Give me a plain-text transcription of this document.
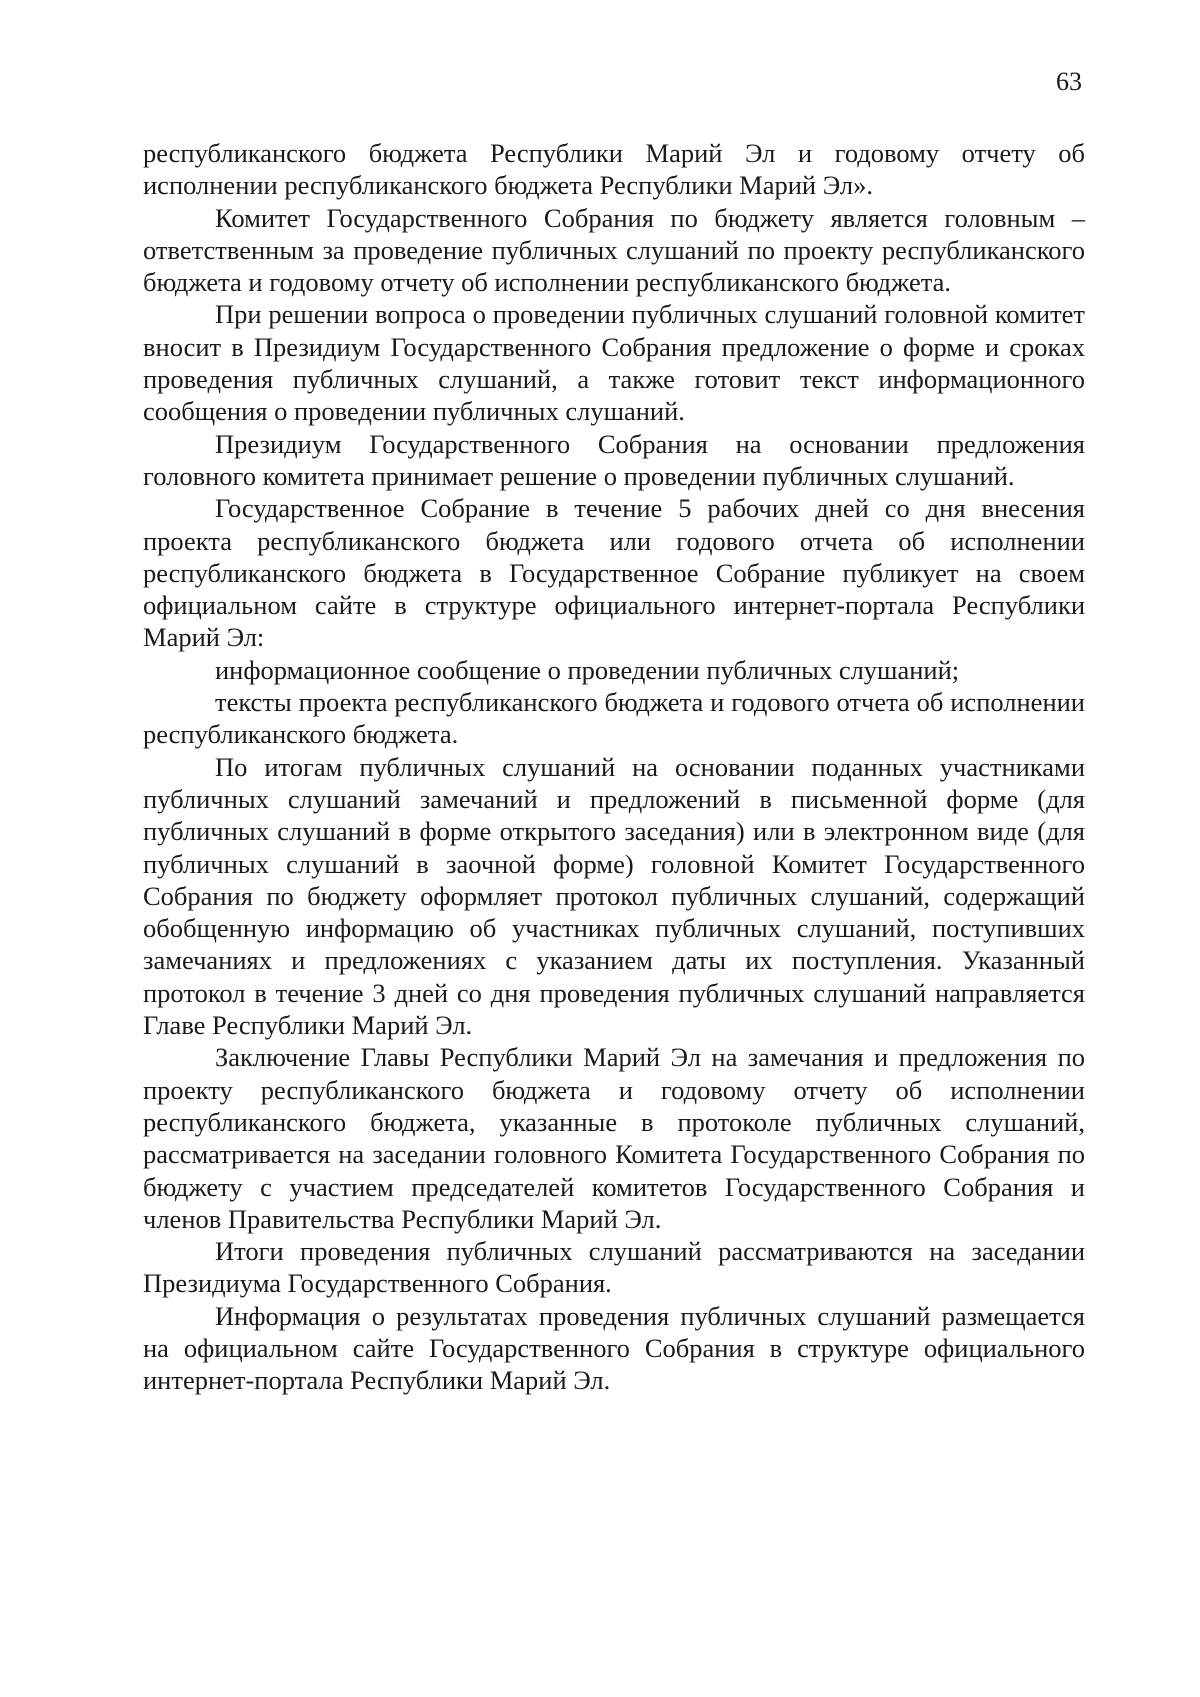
63

республиканского бюджета Республики Марий Эл и годовому отчету об исполнении республиканского бюджета Республики Марий Эл».

Комитет Государственного Собрания по бюджету является головным – ответственным за проведение публичных слушаний по проекту республиканского бюджета и годовому отчету об исполнении республиканского бюджета.

При решении вопроса о проведении публичных слушаний головной комитет вносит в Президиум Государственного Собрания предложение о форме и сроках проведения публичных слушаний, а также готовит текст информационного сообщения о проведении публичных слушаний.

Президиум Государственного Собрания на основании предложения головного комитета принимает решение о проведении публичных слушаний.

Государственное Собрание в течение 5 рабочих дней со дня внесения проекта республиканского бюджета или годового отчета об исполнении республиканского бюджета в Государственное Собрание публикует на своем официальном сайте в структуре официального интернет-портала Республики Марий Эл:

информационное сообщение о проведении публичных слушаний;

тексты проекта республиканского бюджета и годового отчета об исполнении республиканского бюджета.

По итогам публичных слушаний на основании поданных участниками публичных слушаний замечаний и предложений в письменной форме (для публичных слушаний в форме открытого заседания) или в электронном виде (для публичных слушаний в заочной форме) головной Комитет Государственного Собрания по бюджету оформляет протокол публичных слушаний, содержащий обобщенную информацию об участниках публичных слушаний, поступивших замечаниях и предложениях с указанием даты их поступления. Указанный протокол в течение 3 дней со дня проведения публичных слушаний направляется Главе Республики Марий Эл.

Заключение Главы Республики Марий Эл на замечания и предложения по проекту республиканского бюджета и годовому отчету об исполнении республиканского бюджета, указанные в протоколе публичных слушаний, рассматривается на заседании головного Комитета Государственного Собрания по бюджету с участием председателей комитетов Государственного Собрания и членов Правительства Республики Марий Эл.

Итоги проведения публичных слушаний рассматриваются на заседании Президиума Государственного Собрания.

Информация о результатах проведения публичных слушаний размещается на официальном сайте Государственного Собрания в структуре официального интернет-портала Республики Марий Эл.
